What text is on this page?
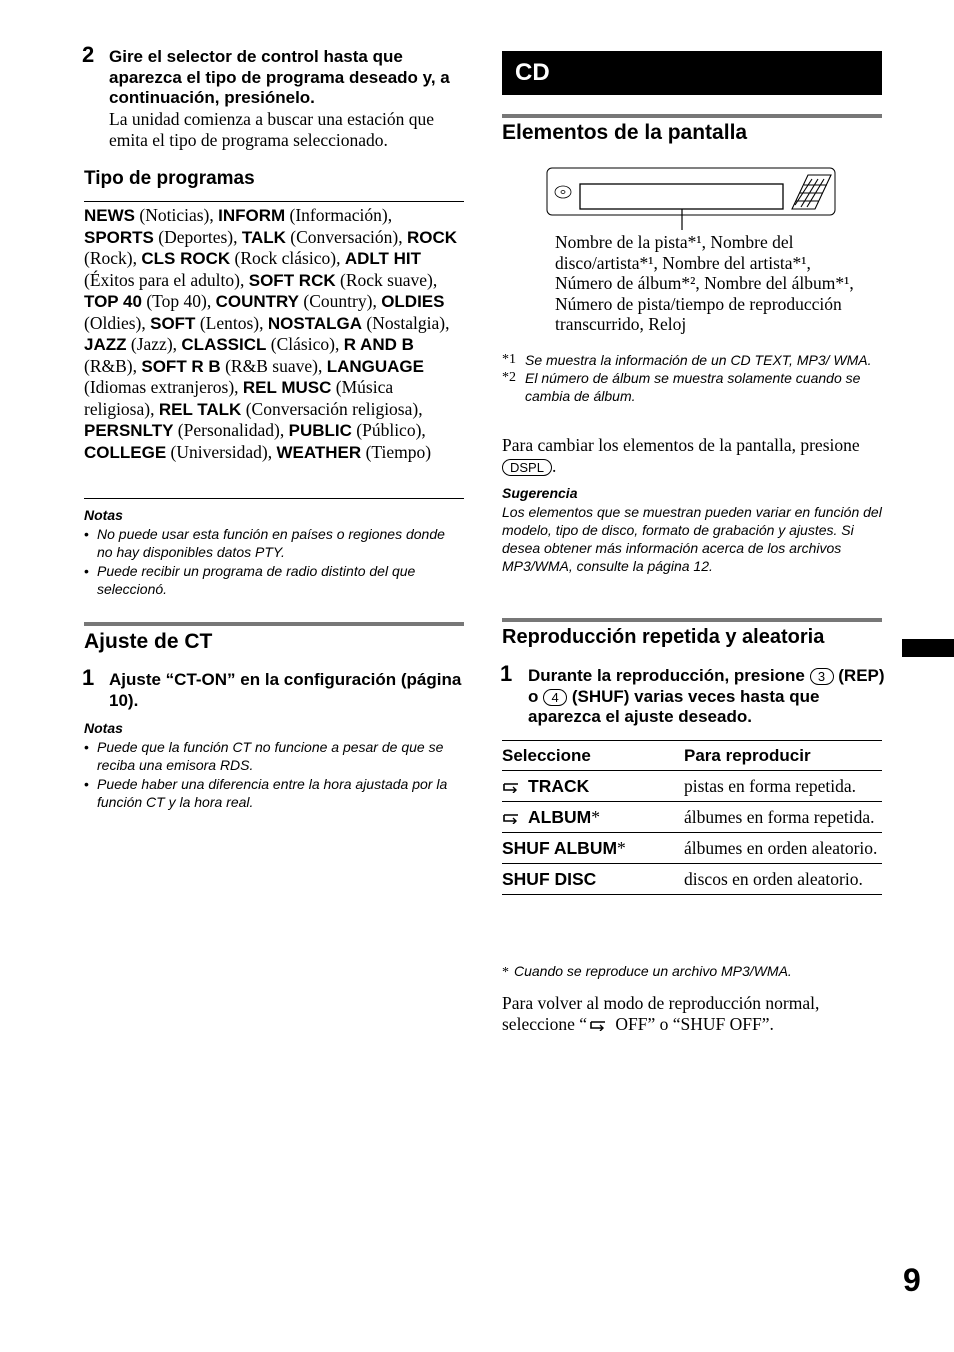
2 Gire el selector de control hasta que aparezca el tipo de programa deseado y, a continuación, presiónelo.
La unidad comienza a buscar una estación que emita el tipo de programa seleccionado.
Tipo de programas
NEWS (Noticias), INFORM (Información), SPORTS (Deportes), TALK (Conversación), ROCK (Rock), CLS ROCK (Rock clásico), ADLT HIT (Éxitos para el adulto), SOFT RCK (Rock suave), TOP 40 (Top 40), COUNTRY (Country), OLDIES (Oldies), SOFT (Lentos), NOSTALGA (Nostalgia), JAZZ (Jazz), CLASSICL (Clásico), R AND B (R&B), SOFT R B (R&B suave), LANGUAGE (Idiomas extranjeros), REL MUSC (Música religiosa), REL TALK (Conversación religiosa), PERSNLTY (Personalidad), PUBLIC (Público), COLLEGE (Universidad), WEATHER (Tiempo)
Notas
• No puede usar esta función en países o regiones donde no hay disponibles datos PTY.
• Puede recibir un programa de radio distinto del que seleccionó.
Ajuste de CT
1 Ajuste “CT-ON” en la configuración (página 10).
Notas
• Puede que la función CT no funcione a pesar de que se reciba una emisora RDS.
• Puede haber una diferencia entre la hora ajustada por la función CT y la hora real.
CD
Elementos de la pantalla
Nombre de la pista*¹, Nombre del disco/artista*¹, Nombre del artista*¹, Número de álbum*², Nombre del álbum*¹, Número de pista/tiempo de reproducción transcurrido, Reloj
*1 Se muestra la información de un CD TEXT, MP3/ WMA.
*2 El número de álbum se muestra solamente cuando se cambia de álbum.
Para cambiar los elementos de la pantalla, presione DSPL .
Sugerencia
Los elementos que se muestran pueden variar en función del modelo, tipo de disco, formato de grabación y ajustes. Si desea obtener más información acerca de los archivos MP3/WMA, consulte la página 12.
Reproducción repetida y aleatoria
1 Durante la reproducción, presione 3 (REP) o 4 (SHUF) varias veces hasta que aparezca el ajuste deseado.
Seleccione	Para reproducir
TRACK	pistas en forma repetida.
ALBUM*	álbumes en forma repetida.
SHUF ALBUM*	álbumes en orden aleatorio.
SHUF DISC	discos en orden aleatorio.
* Cuando se reproduce un archivo MP3/WMA.
Para volver al modo de reproducción normal, seleccione “ OFF” o “SHUF OFF”.
9
